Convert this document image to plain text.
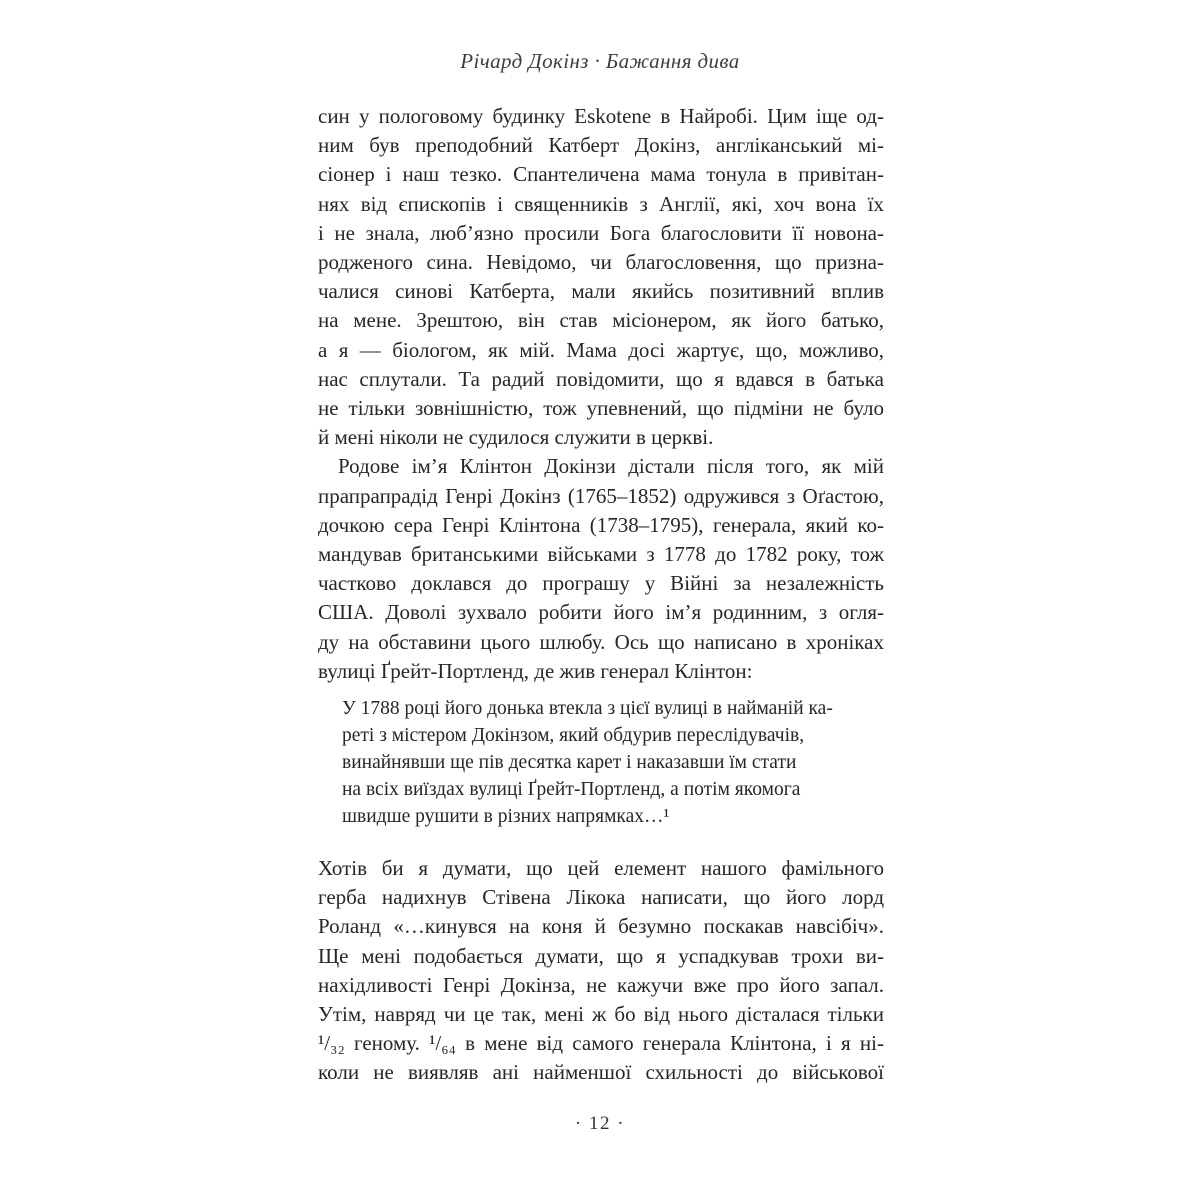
Річард Докінз · Бажання дива
син у пологовому будинку Eskotene в Найробі. Цим іще од-
ним був преподобний Катберт Докінз, англіканський мі-
сіонер і наш тезко. Спантеличена мама тонула в привітан-
нях від єпископів і священників з Англії, які, хоч вона їх
і не знала, люб’язно просили Бога благословити її новона-
родженого сина. Невідомо, чи благословення, що призна-
чалися синові Катберта, мали якийсь позитивний вплив
на мене. Зрештою, він став місіонером, як його батько,
а я — біологом, як мій. Мама досі жартує, що, можливо,
нас сплутали. Та радий повідомити, що я вдався в батька
не тільки зовнішністю, тож упевнений, що підміни не було
й мені ніколи не судилося служити в церкві.
Родове ім’я Клінтон Докінзи дістали після того, як мій
прапрапрадід Генрі Докінз (1765–1852) одружився з Оґастою,
дочкою сера Генрі Клінтона (1738–1795), генерала, який ко-
мандував британськими військами з 1778 до 1782 року, тож
частково доклався до програшу у Війні за незалежність
США. Доволі зухвало робити його ім’я родинним, з огля-
ду на обставини цього шлюбу. Ось що написано в хроніках
вулиці Ґрейт-Портленд, де жив генерал Клінтон:
У 1788 році його донька втекла з цієї вулиці в найманій ка-
реті з містером Докінзом, який обдурив переслідувачів,
винайнявши ще пів десятка карет і наказавши їм стати
на всіх виїздах вулиці Ґрейт-Портленд, а потім якомога
швидше рушити в різних напрямках…¹
Хотів би я думати, що цей елемент нашого фамільного
герба надихнув Стівена Лікока написати, що його лорд
Роланд «…кинувся на коня й безумно поскакав навсібіч».
Ще мені подобається думати, що я успадкував трохи ви-
нахідливості Генрі Докінза, не кажучи вже про його запал.
Утім, навряд чи це так, мені ж бо від нього дісталася тільки
¹/₃₂ геному. ¹/₆₄ в мене від самого генерала Клінтона, і я ні-
коли не виявляв ані найменшої схильності до військової
· 12 ·
